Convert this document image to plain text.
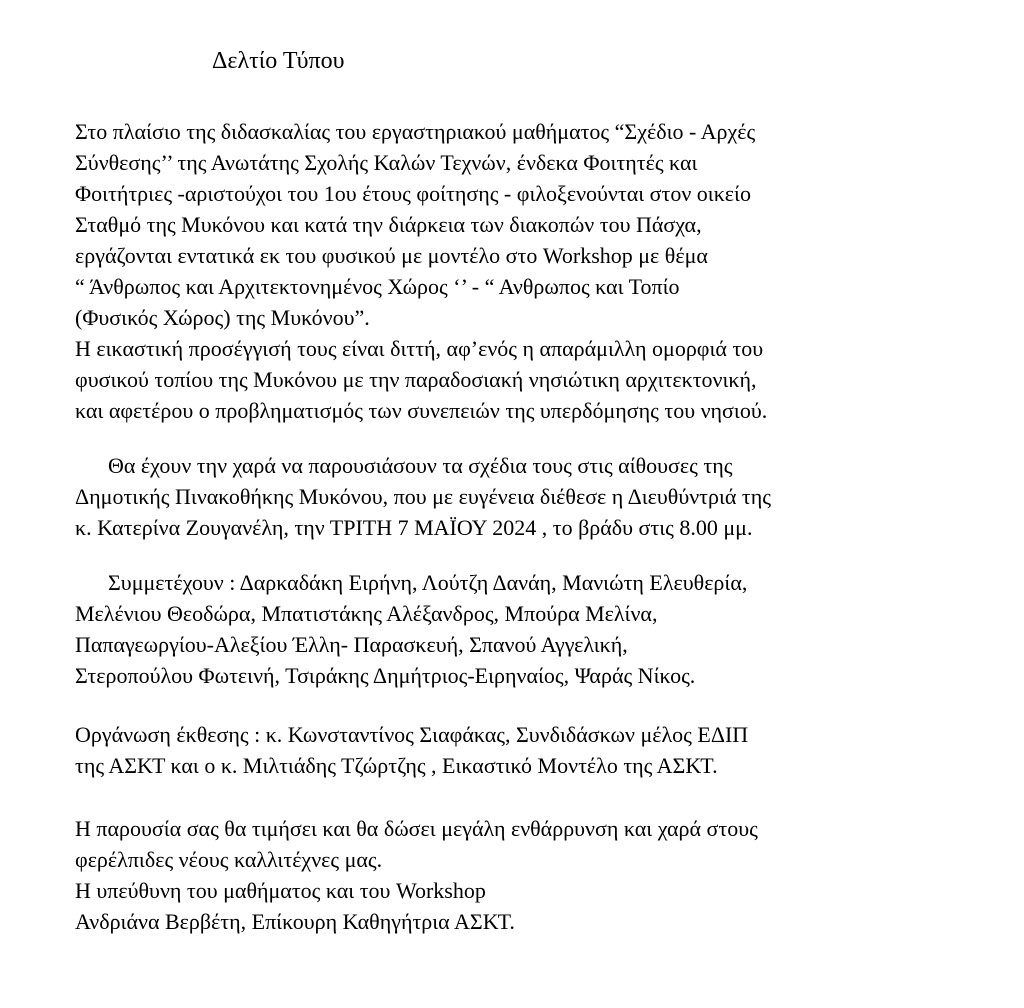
Δελτίο Τύπου
Στο πλαίσιο της διδασκαλίας του εργαστηριακού μαθήματος “Σχέδιο - Αρχές
Σύνθεσης’’ της Ανωτάτης Σχολής Καλών Τεχνών, ένδεκα Φοιτητές και
Φοιτήτριες -αριστούχοι του 1ου έτους φοίτησης - φιλοξενούνται στον οικείο
Σταθμό της Μυκόνου και κατά την διάρκεια των διακοπών του Πάσχα,
εργάζονται εντατικά εκ του φυσικού με μοντέλο στο Workshop με θέμα
“ Άνθρωπος και Αρχιτεκτονημένος Χώρος ‘’ - “ Ανθρωπος και Τοπίο
(Φυσικός Χώρος) της Μυκόνου”.
Η εικαστική προσέγγισή τους είναι διττή, αφ’ενός η απαράμιλλη ομορφιά του
φυσικού τοπίου της Μυκόνου με την παραδοσιακή νησιώτικη αρχιτεκτονική,
και αφετέρου ο προβληματισμός των συνεπειών της υπερδόμησης του νησιού.
Θα έχουν την χαρά να παρουσιάσουν τα σχέδια τους στις αίθουσες της
Δημοτικής Πινακοθήκης Μυκόνου, που με ευγένεια διέθεσε η Διευθύντριά της
κ. Κατερίνα Ζουγανέλη, την ΤΡΙΤΗ 7 ΜΑΪΟΥ 2024 , το βράδυ στις 8.00 μμ.
Συμμετέχουν : Δαρκαδάκη Ειρήνη, Λούτζη Δανάη, Μανιώτη Ελευθερία,
Μελένιου Θεοδώρα, Μπατιστάκης Αλέξανδρος, Μπούρα Μελίνα,
Παπαγεωργίου-Αλεξίου Έλλη- Παρασκευή, Σπανού Αγγελική,
Στεροπούλου Φωτεινή, Τσιράκης Δημήτριος-Ειρηναίος, Ψαράς Νίκος.
Οργάνωση έκθεσης : κ. Κωνσταντίνος Σιαφάκας, Συνδιδάσκων μέλος ΕΔΙΠ
της ΑΣΚΤ και ο κ. Μιλτιάδης Τζώρτζης , Εικαστικό Μοντέλο της ΑΣΚΤ.
Η παρουσία σας θα τιμήσει και θα δώσει μεγάλη ενθάρρυνση και χαρά στους
φερέλπιδες νέους καλλιτέχνες μας.
Η υπεύθυνη του μαθήματος και του Workshop
Ανδριάνα Βερβέτη, Επίκουρη Καθηγήτρια ΑΣΚΤ.
